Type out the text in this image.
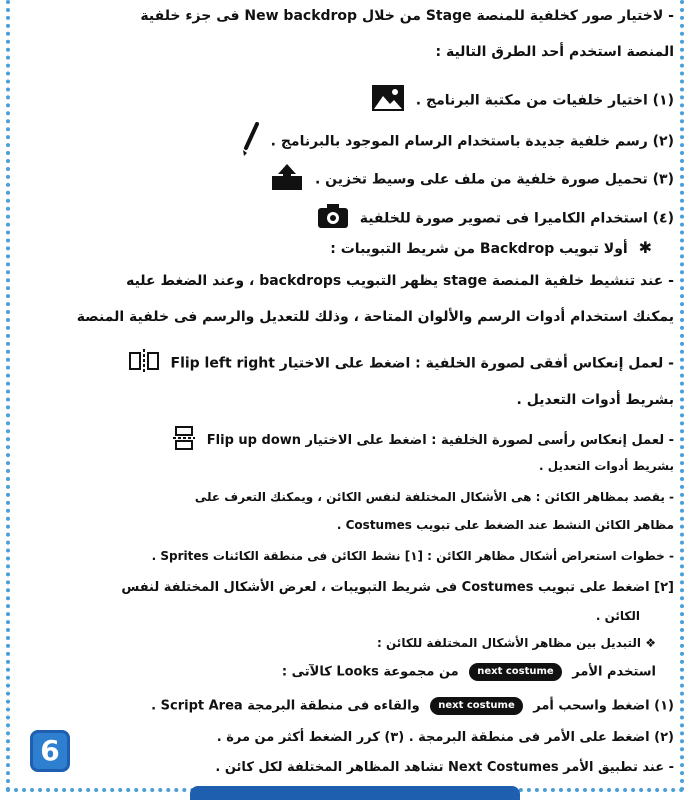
- لاختيار صور كخلفية للمنصة Stage من خلال New backdrop فى جزء خلفية
المنصة استخدم أحد الطرق التالية :
(١) اختيار خلفيات من مكتبة البرنامج .
(٢) رسم خلفية جديدة باستخدام الرسام الموجود بالبرنامج .
(٣) تحميل صورة خلفية من ملف على وسيط تخزين .
(٤) استخدام الكاميرا فى تصوير صورة للخلفية
✱ أولا تبويب Backdrop من شريط التبويبات :
- عند تنشيط خلفية المنصة stage يظهر التبويب backdrops ، وعند الضغط عليه
يمكنك استخدام أدوات الرسم والألوان المتاحة ، وذلك للتعديل والرسم فى خلفية المنصة
- لعمل إنعكاس أفقى لصورة الخلفية : اضغط على الاختيار Flip left right
بشريط أدوات التعديل .
- لعمل إنعكاس رأسى لصورة الخلفية : اضغط على الاختيار Flip up down
بشريط أدوات التعديل .
- يقصد بمظاهر الكائن : هى الأشكال المختلفة لنفس الكائن ، ويمكنك التعرف على
مظاهر الكائن النشط عند الضغط على تبويب Costumes .
- خطوات استعراض أشكال مظاهر الكائن : [١] نشط الكائن فى منطقة الكائنات Sprites .
[٢] اضغط على تبويب Costumes فى شريط التبويبات ، لعرض الأشكال المختلفة لنفس
الكائن .
❖ التبديل بين مظاهر الأشكال المختلفة للكائن :
استخدم الأمر next costume من مجموعة Looks كالآتى :
(١) اضغط واسحب أمر next costume والقاءه فى منطقة البرمجة Script Area .
(٢) اضغط على الأمر فى منطقة البرمجة . (٣) كرر الضغط أكثر من مرة .
- عند تطبيق الأمر Next Costumes تشاهد المظاهر المختلفة لكل كائن .
6
